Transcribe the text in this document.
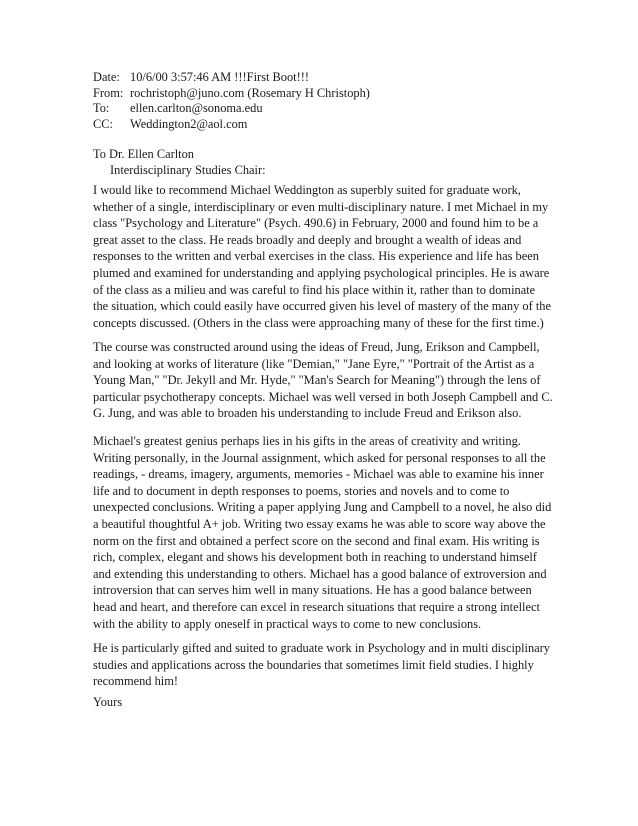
Date: 10/6/00 3:57:46 AM !!!First Boot!!!
From: rochristoph@juno.com (Rosemary H Christoph)
To:	ellen.carlton@sonoma.edu
CC:	Weddington2@aol.com
To Dr. Ellen Carlton
Interdisciplinary Studies Chair:

I would like to recommend Michael Weddington as superbly suited for graduate work, whether of a single, interdisciplinary or even multi-disciplinary nature. I met Michael in my class "Psychology and Literature" (Psych. 490.6) in February, 2000 and found him to be a great asset to the class. He reads broadly and deeply and brought a wealth of ideas and responses to the written and verbal exercises in the class. His experience and life has been plumed and examined for understanding and applying psychological principles. He is aware of the class as a milieu and was careful to find his place within it, rather than to dominate the situation, which could easily have occurred given his level of mastery of the many of the concepts discussed. (Others in the class were approaching many of these for the first time.)

The course was constructed around using the ideas of Freud, Jung, Erikson and Campbell, and looking at works of literature (like "Demian," "Jane Eyre," "Portrait of the Artist as a Young Man," "Dr. Jekyll and Mr. Hyde," "Man's Search for Meaning") through the lens of particular psychotherapy concepts. Michael was well versed in both Joseph Campbell and C. G. Jung, and was able to broaden his understanding to include Freud and Erikson also.

Michael's greatest genius perhaps lies in his gifts in the areas of creativity and writing. Writing personally, in the Journal assignment, which asked for personal responses to all the readings, - dreams, imagery, arguments, memories - Michael was able to examine his inner life and to document in depth responses to poems, stories and novels and to come to unexpected conclusions. Writing a paper applying Jung and Campbell to a novel, he also did a beautiful thoughtful A+ job. Writing two essay exams he was able to score way above the norm on the first and obtained a perfect score on the second and final exam. His writing is rich, complex, elegant and shows his development both in reaching to understand himself and extending this understanding to others. Michael has a good balance of extroversion and introversion that can serves him well in many situations. He has a good balance between head and heart, and therefore can excel in research situations that require a strong intellect with the ability to apply oneself in practical ways to come to new conclusions.

He is particularly gifted and suited to graduate work in Psychology and in multi disciplinary studies and applications across the boundaries that sometimes limit field studies. I highly recommend him!

Yours
